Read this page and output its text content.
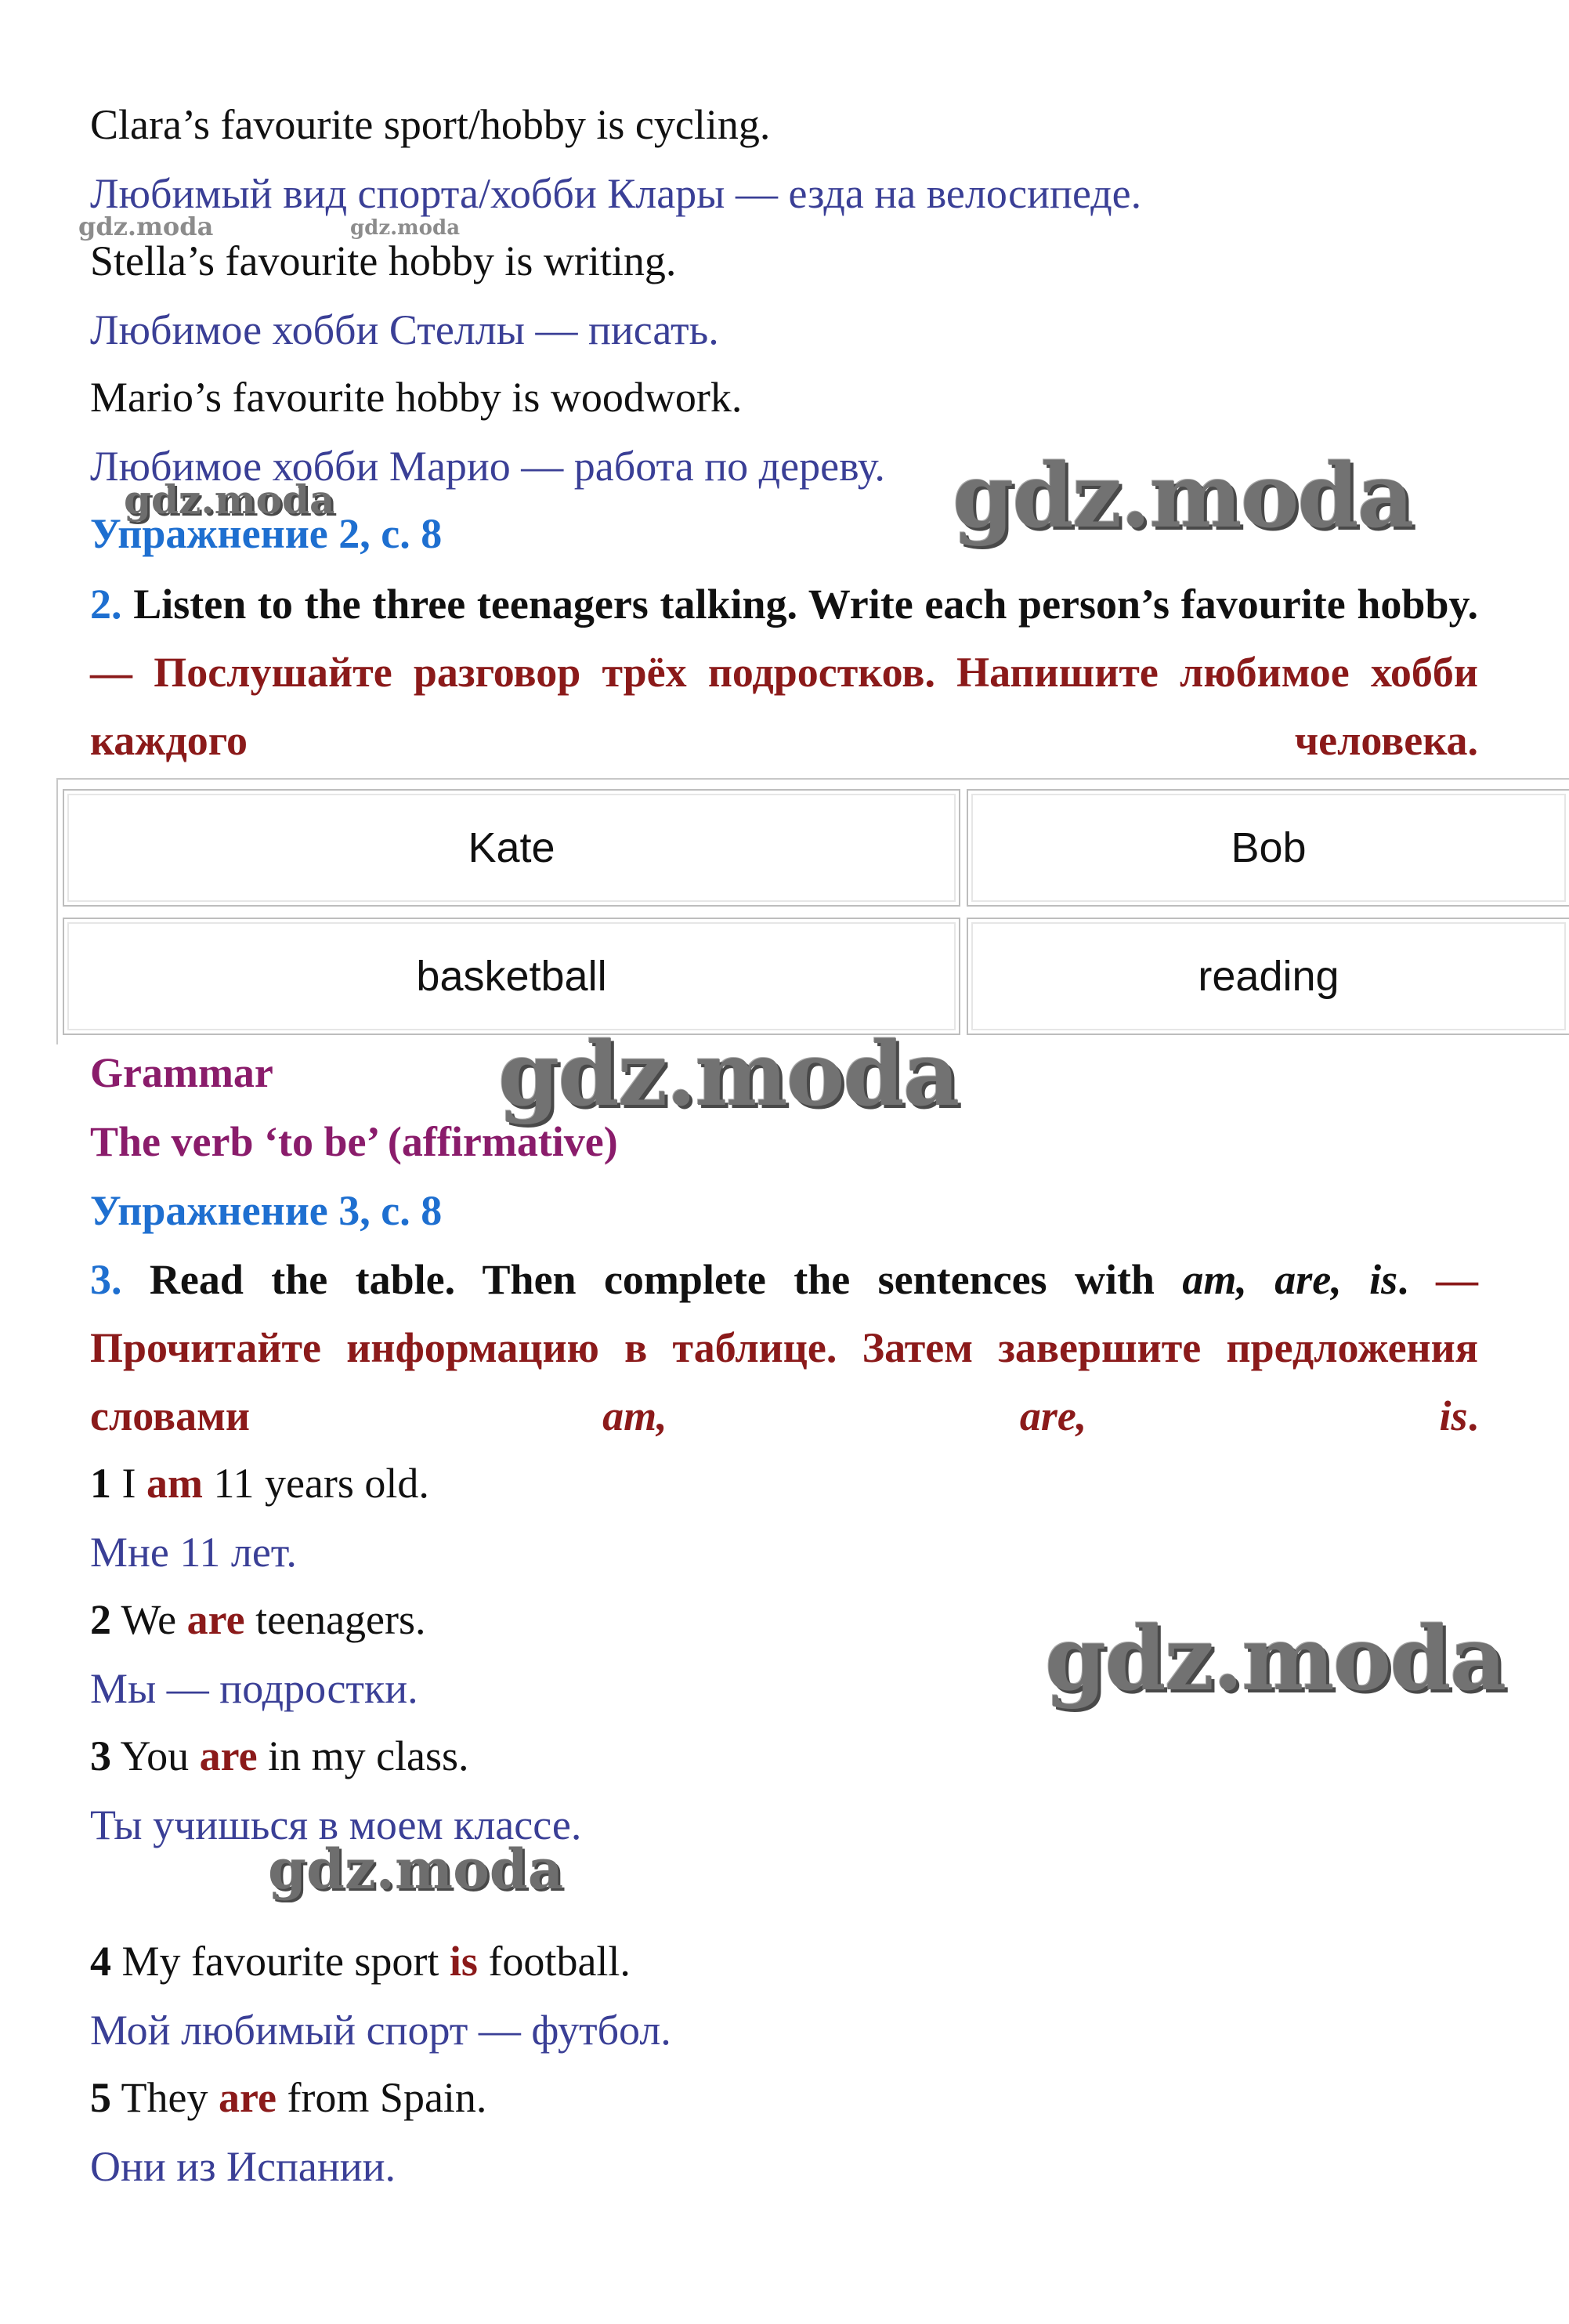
Clara’s favourite sport/hobby is cycling.
Любимый вид спорта/хобби Клары — езда на велосипеде.
Stella’s favourite hobby is writing.
Любимое хобби Стеллы — писать.
Mario’s favourite hobby is woodwork.
Любимое хобби Марио — работа по дереву.
Упражнение 2, с. 8
2. Listen to the three teenagers talking. Write each person’s favourite hobby. — Послушайте разговор трёх подростков. Напишите любимое хобби каждого человека.
Kate	Bob
basketball	reading
Grammar
The verb ‘to be’ (affirmative)
Упражнение 3, с. 8
3. Read the table. Then complete the sentences with am, are, is. — Прочитайте информацию в таблице. Затем завершите предложения словами	am, are, is.
1 I am 11 years old.
Мне 11 лет.
2 We are teenagers.
Мы — подростки.
3 You are in my class.
Ты учишься в моем классе.
4 My favourite sport is football.
Мой любимый спорт — футбол.
5 They are from Spain.
Они из Испании.
gdz.moda	gdz.moda
gdz.moda	gdz.moda
gdz.moda
gdz.moda
gdz.moda
